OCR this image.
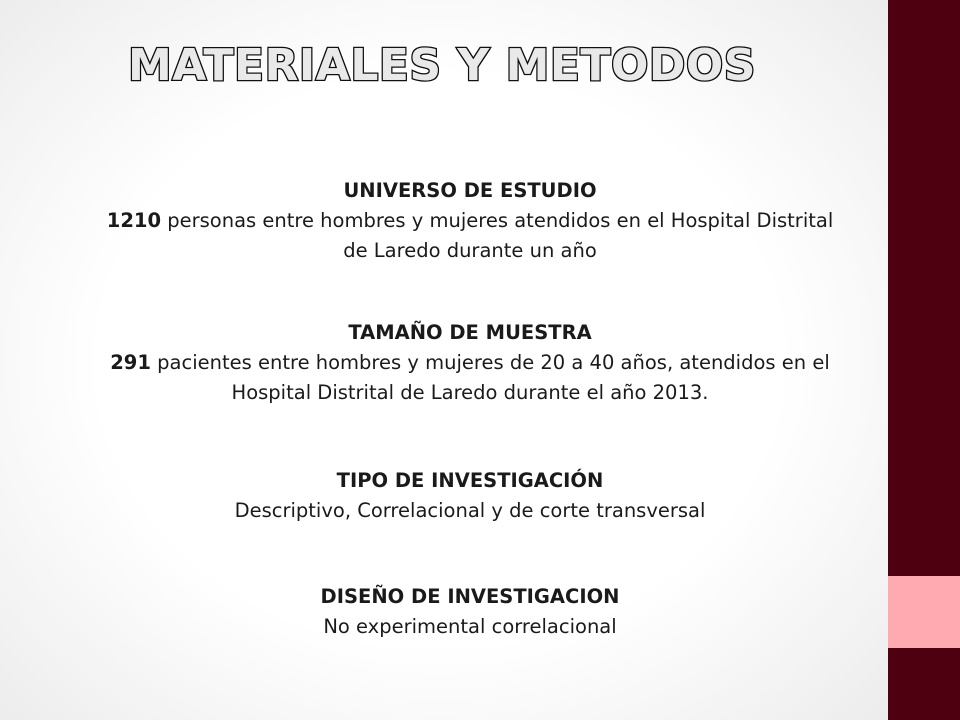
MATERIALES Y METODOS
UNIVERSO DE ESTUDIO
1210 personas entre hombres y mujeres atendidos en el Hospital Distrital
de Laredo durante un año
TAMAÑO DE MUESTRA
291 pacientes entre hombres y mujeres de 20 a 40 años, atendidos en el
Hospital Distrital de Laredo durante el año 2013.
TIPO DE INVESTIGACIÓN
Descriptivo, Correlacional y de corte transversal
DISEÑO DE INVESTIGACION
No experimental correlacional
